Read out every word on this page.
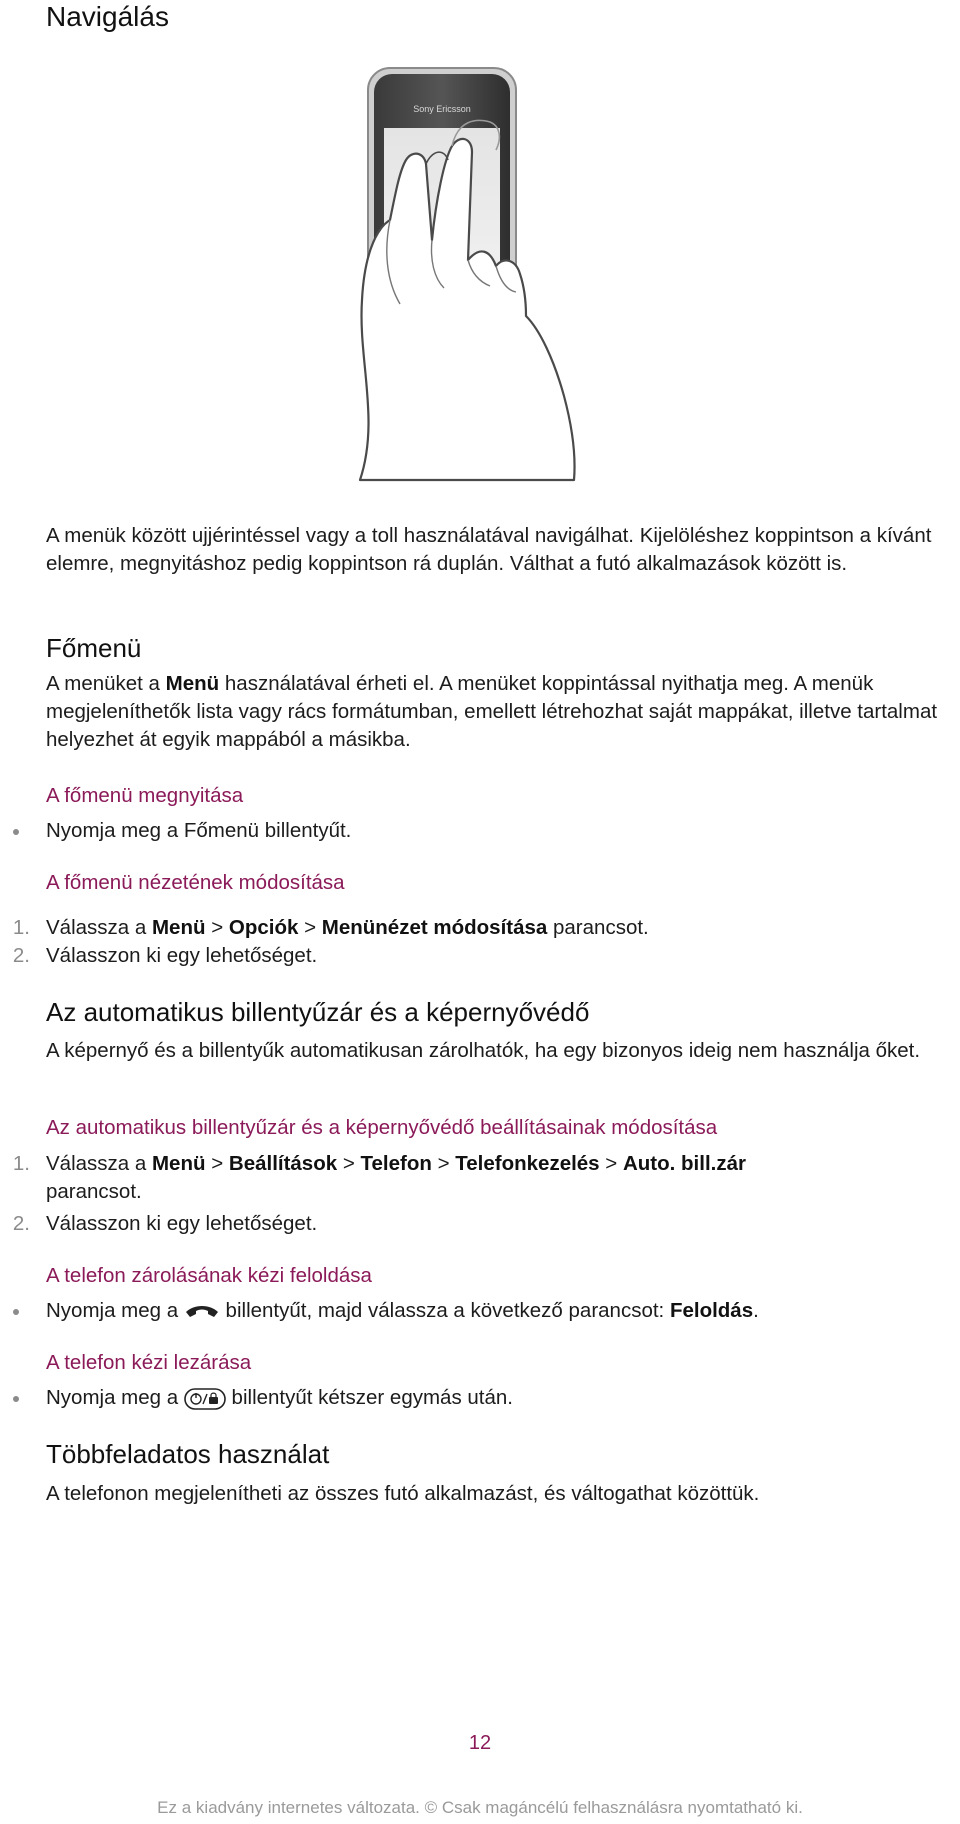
Navigálás
Sony Ericsson

A menük között ujjérintéssel vagy a toll használatával navigálhat. Kijelöléshez koppintson a kívánt elemre, megnyitáshoz pedig koppintson rá duplán. Válthat a futó alkalmazások között is.

Főmenü

A menüket a Menü használatával érheti el. A menüket koppintással nyithatja meg. A menük megjeleníthetők lista vagy rács formátumban, emellett létrehozhat saját mappákat, illetve tartalmat helyezhet át egyik mappából a másikba.

A főmenü megnyitása
Nyomja meg a Főmenü billentyűt.
A főmenü nézetének módosítása
1. Válassza a Menü > Opciók > Menünézet módosítása parancsot.
2. Válasszon ki egy lehetőséget.
Az automatikus billentyűzár és a képernyővédő

A képernyő és a billentyűk automatikusan zárolhatók, ha egy bizonyos ideig nem használja őket.

Az automatikus billentyűzár és a képernyővédő beállításainak módosítása
1. Válassza a Menü > Beállítások > Telefon > Telefonkezelés > Auto. bill.zár
parancsot.
2. Válasszon ki egy lehetőséget.
A telefon zárolásának kézi feloldása
Nyomja meg a  billentyűt, majd válassza a következő parancsot: Feloldás.
A telefon kézi lezárása
Nyomja meg a  billentyűt kétszer egymás után.
Többfeladatos használat

A telefonon megjelenítheti az összes futó alkalmazást, és váltogathat közöttük.

12
Ez a kiadvány internetes változata. © Csak magáncélú felhasználásra nyomtatható ki.
